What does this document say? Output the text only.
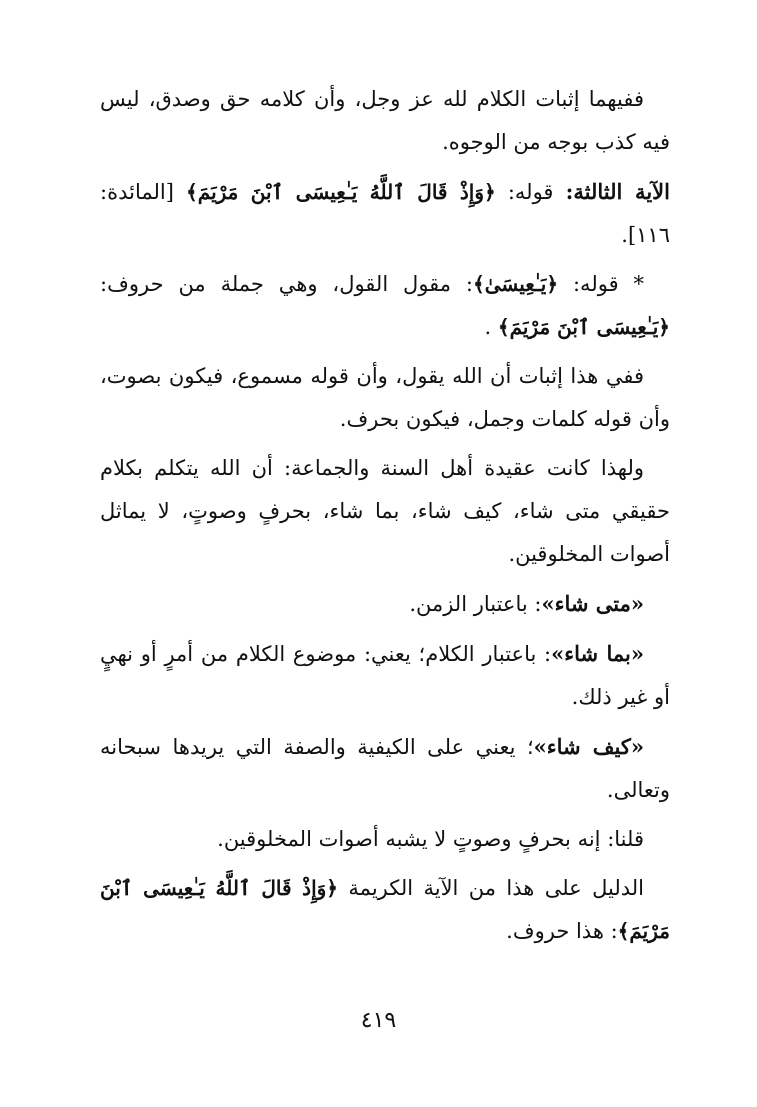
ففيهما إثبات الكلام لله عز وجل، وأن كلامه حق وصدق، ليس فيه كذب بوجه من الوجوه.

الآية الثالثة: قوله: ﴿وَإِذْ قَالَ ٱللَّهُ يَـٰعِيسَى ٱبْنَ مَرْيَمَ﴾ [المائدة: ١١٦].

* قوله: ﴿يَـٰعِيسَىٰ﴾: مقول القول، وهي جملة من حروف: ﴿يَـٰعِيسَى ٱبْنَ مَرْيَمَ﴾ .

ففي هذا إثبات أن الله يقول، وأن قوله مسموع، فيكون بصوت، وأن قوله كلمات وجمل، فيكون بحرف.

ولهذا كانت عقيدة أهل السنة والجماعة: أن الله يتكلم بكلام حقيقي متى شاء، كيف شاء، بما شاء، بحرفٍ وصوتٍ، لا يماثل أصوات المخلوقين.

«متى شاء»: باعتبار الزمن.

«بما شاء»: باعتبار الكلام؛ يعني: موضوع الكلام من أمرٍ أو نهيٍ أو غير ذلك.

«كيف شاء»؛ يعني على الكيفية والصفة التي يريدها سبحانه وتعالى.

قلنا: إنه بحرفٍ وصوتٍ لا يشبه أصوات المخلوقين.

الدليل على هذا من الآية الكريمة ﴿وَإِذْ قَالَ ٱللَّهُ يَـٰعِيسَى ٱبْنَ مَرْيَمَ﴾: هذا حروف.

٤١٩
